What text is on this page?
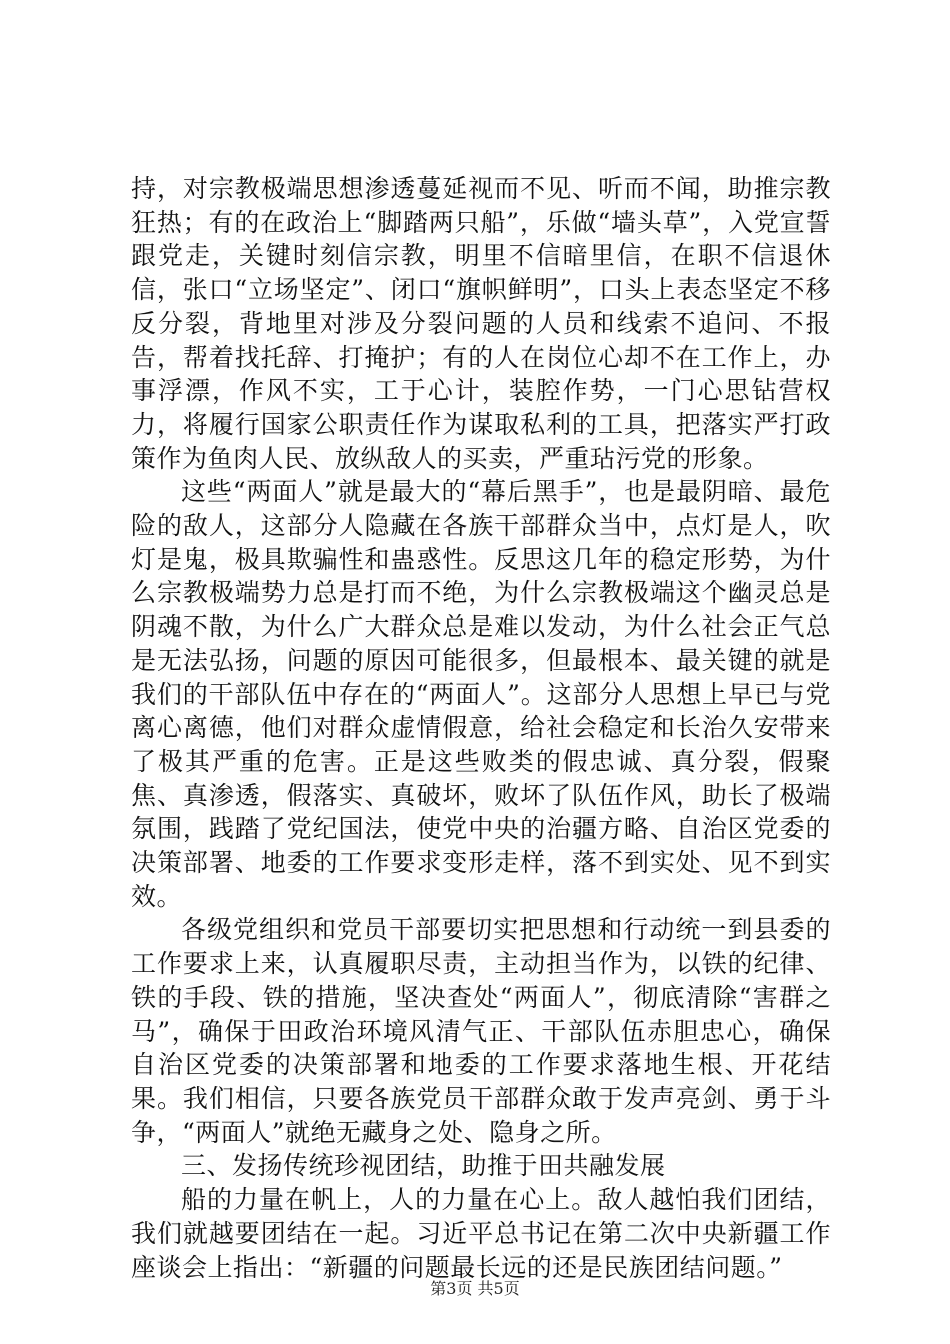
持，对宗教极端思想渗透蔓延视而不见、听而不闻，助推宗教狂热；有的在政治上“脚踏两只船”，乐做“墙头草”，入党宣誓跟党走，关键时刻信宗教，明里不信暗里信，在职不信退休信，张口“立场坚定”、闭口“旗帜鲜明”，口头上表态坚定不移反分裂，背地里对涉及分裂问题的人员和线索不追问、不报告，帮着找托辞、打掩护；有的人在岗位心却不在工作上，办事浮漂，作风不实，工于心计，装腔作势，一门心思钻营权力，将履行国家公职责任作为谋取私利的工具，把落实严打政策作为鱼肉人民、放纵敌人的买卖，严重玷污党的形象。

这些“两面人”就是最大的“幕后黑手”，也是最阴暗、最危险的敌人，这部分人隐藏在各族干部群众当中，点灯是人，吹灯是鬼，极具欺骗性和蛊惑性。反思这几年的稳定形势，为什么宗教极端势力总是打而不绝，为什么宗教极端这个幽灵总是阴魂不散，为什么广大群众总是难以发动，为什么社会正气总是无法弘扬，问题的原因可能很多，但最根本、最关键的就是我们的干部队伍中存在的“两面人”。这部分人思想上早已与党离心离德，他们对群众虚情假意，给社会稳定和长治久安带来了极其严重的危害。正是这些败类的假忠诚、真分裂，假聚焦、真渗透，假落实、真破坏，败坏了队伍作风，助长了极端氛围，践踏了党纪国法，使党中央的治疆方略、自治区党委的决策部署、地委的工作要求变形走样，落不到实处、见不到实效。

各级党组织和党员干部要切实把思想和行动统一到县委的工作要求上来，认真履职尽责，主动担当作为，以铁的纪律、铁的手段、铁的措施，坚决查处“两面人”，彻底清除“害群之马”，确保于田政治环境风清气正、干部队伍赤胆忠心，确保自治区党委的决策部署和地委的工作要求落地生根、开花结果。我们相信，只要各族党员干部群众敢于发声亮剑、勇于斗争，“两面人”就绝无藏身之处、隐身之所。

三、发扬传统珍视团结，助推于田共融发展

船的力量在帆上，人的力量在心上。敌人越怕我们团结，我们就越要团结在一起。习近平总书记在第二次中央新疆工作座谈会上指出：“新疆的问题最长远的还是民族团结问题。”

第3页 共5页
